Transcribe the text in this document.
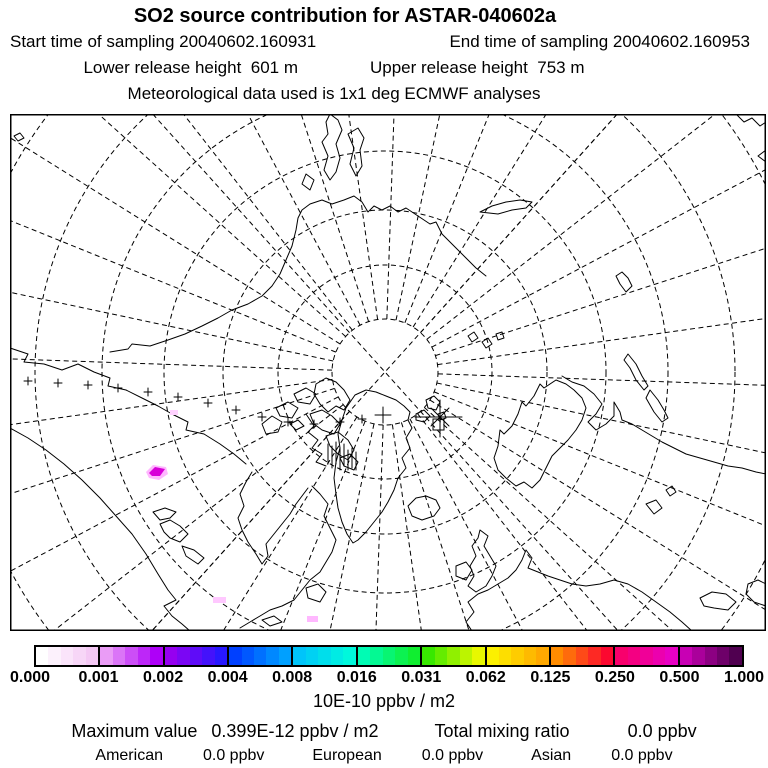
SO2 source contribution for ASTAR-040602a
Start time of sampling 20040602.160931	End time of sampling 20040602.160953
Lower release height  601 m	Upper release height  753 m
Meteorological data used is 1x1 deg ECMWF analyses
0.000 0.001 0.002 0.004 0.008 0.016 0.031 0.062 0.125 0.250 0.500 1.000
10E-10 ppbv / m2
Maximum value 0.399E-12 ppbv / m2	Total mixing ratio	0.0 ppbv
American	0.0 ppbv	European	0.0 ppbv	Asian	0.0 ppbv
